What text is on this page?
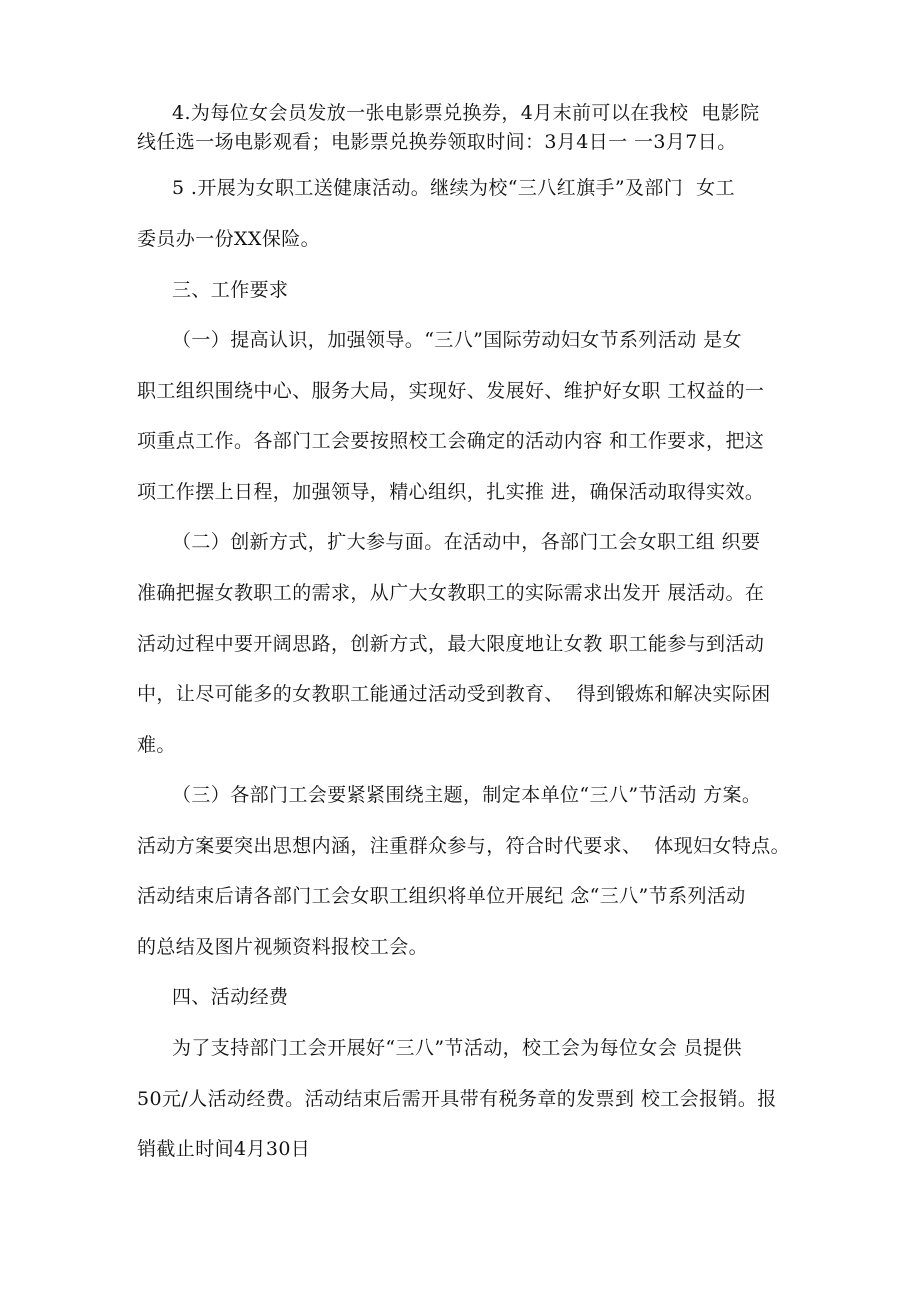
4.为每位女会员发放一张电影票兑换券，4月末前可以在我校  电影院
线任选一场电影观看；电影票兑换券领取时间：3月4日一 一3月7日。
5 .开展为女职工送健康活动。继续为校“三八红旗手”及部门  女工
委员办一份XX保险。
三、工作要求
（一）提高认识，加强领导。“三八”国际劳动妇女节系列活动 是女
职工组织围绕中心、服务大局，实现好、发展好、维护好女职 工权益的一
项重点工作。各部门工会要按照校工会确定的活动内容 和工作要求，把这
项工作摆上日程，加强领导，精心组织，扎实推 进，确保活动取得实效。
（二）创新方式，扩大参与面。在活动中，各部门工会女职工组 织要
准确把握女教职工的需求，从广大女教职工的实际需求出发开 展活动。在
活动过程中要开阔思路，创新方式，最大限度地让女教 职工能参与到活动
中，让尽可能多的女教职工能通过活动受到教育、  得到锻炼和解决实际困
难。
（三）各部门工会要紧紧围绕主题，制定本单位“三八”节活动 方案。
活动方案要突出思想内涵，注重群众参与，符合时代要求、  体现妇女特点。
活动结束后请各部门工会女职工组织将单位开展纪 念“三八”节系列活动
的总结及图片视频资料报校工会。
四、活动经费
为了支持部门工会开展好“三八”节活动，校工会为每位女会 员提供
50元/人活动经费。活动结束后需开具带有税务章的发票到 校工会报销。报
销截止时间4月30日
